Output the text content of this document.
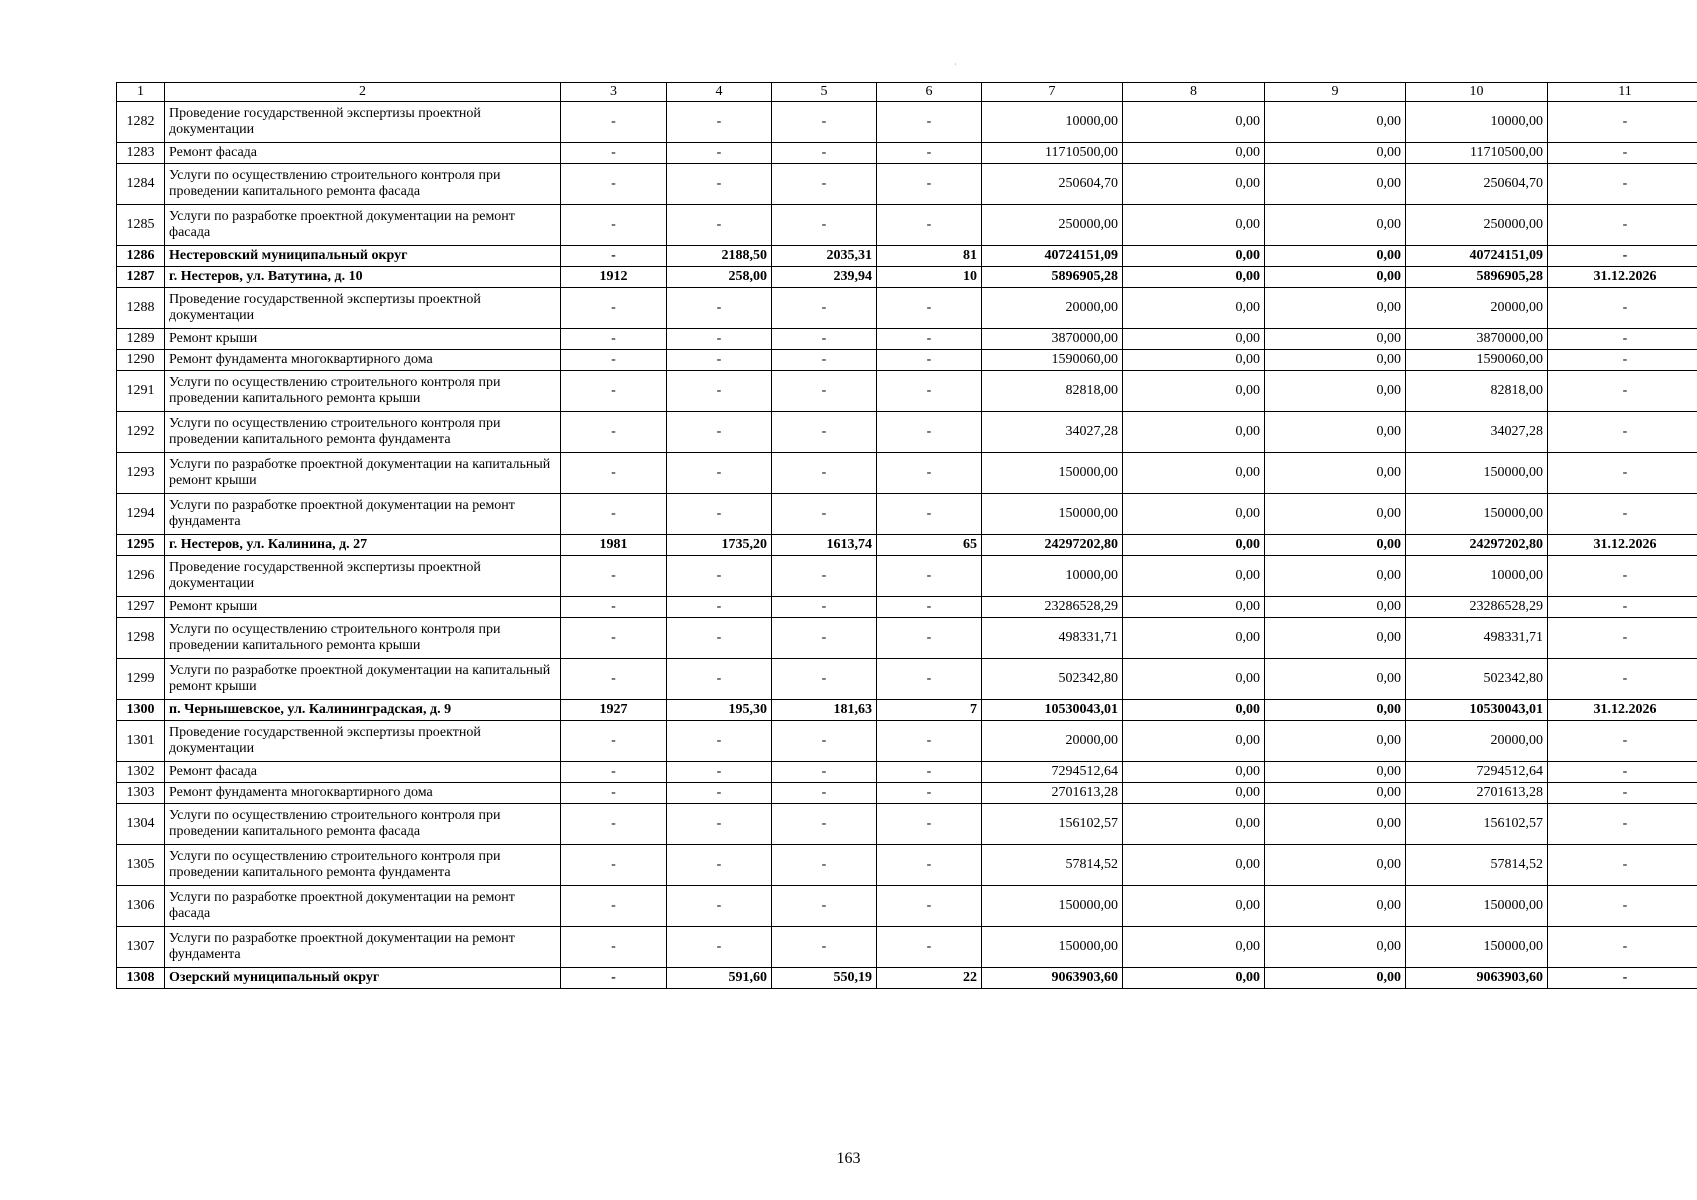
1	2	3	4	5	6	7	8	9	10	11
1282	Проведение государственной экспертизы проектной документации	-	-	-	-	10000,00	0,00	0,00	10000,00	-
1283	Ремонт фасада	-	-	-	-	11710500,00	0,00	0,00	11710500,00	-
1284	Услуги по осуществлению строительного контроля при проведении капитального ремонта фасада	-	-	-	-	250604,70	0,00	0,00	250604,70	-
1285	Услуги по разработке проектной документации на ремонт фасада	-	-	-	-	250000,00	0,00	0,00	250000,00	-
1286	Нестеровский муниципальный округ	-	2188,50	2035,31	81	40724151,09	0,00	0,00	40724151,09	-
1287	г. Нестеров, ул. Ватутина, д. 10	1912	258,00	239,94	10	5896905,28	0,00	0,00	5896905,28	31.12.2026
1288	Проведение государственной экспертизы проектной документации	-	-	-	-	20000,00	0,00	0,00	20000,00	-
1289	Ремонт крыши	-	-	-	-	3870000,00	0,00	0,00	3870000,00	-
1290	Ремонт фундамента многоквартирного дома	-	-	-	-	1590060,00	0,00	0,00	1590060,00	-
1291	Услуги по осуществлению строительного контроля при проведении капитального ремонта крыши	-	-	-	-	82818,00	0,00	0,00	82818,00	-
1292	Услуги по осуществлению строительного контроля при проведении капитального ремонта фундамента	-	-	-	-	34027,28	0,00	0,00	34027,28	-
1293	Услуги по разработке проектной документации на капитальный ремонт крыши	-	-	-	-	150000,00	0,00	0,00	150000,00	-
1294	Услуги по разработке проектной документации на ремонт фундамента	-	-	-	-	150000,00	0,00	0,00	150000,00	-
1295	г. Нестеров, ул. Калинина, д. 27	1981	1735,20	1613,74	65	24297202,80	0,00	0,00	24297202,80	31.12.2026
1296	Проведение государственной экспертизы проектной документации	-	-	-	-	10000,00	0,00	0,00	10000,00	-
1297	Ремонт крыши	-	-	-	-	23286528,29	0,00	0,00	23286528,29	-
1298	Услуги по осуществлению строительного контроля при проведении капитального ремонта крыши	-	-	-	-	498331,71	0,00	0,00	498331,71	-
1299	Услуги по разработке проектной документации на капитальный ремонт крыши	-	-	-	-	502342,80	0,00	0,00	502342,80	-
1300	п. Чернышевское, ул. Калининградская, д. 9	1927	195,30	181,63	7	10530043,01	0,00	0,00	10530043,01	31.12.2026
1301	Проведение государственной экспертизы проектной документации	-	-	-	-	20000,00	0,00	0,00	20000,00	-
1302	Ремонт фасада	-	-	-	-	7294512,64	0,00	0,00	7294512,64	-
1303	Ремонт фундамента многоквартирного дома	-	-	-	-	2701613,28	0,00	0,00	2701613,28	-
1304	Услуги по осуществлению строительного контроля при проведении капитального ремонта фасада	-	-	-	-	156102,57	0,00	0,00	156102,57	-
1305	Услуги по осуществлению строительного контроля при проведении капитального ремонта фундамента	-	-	-	-	57814,52	0,00	0,00	57814,52	-
1306	Услуги по разработке проектной документации на ремонт фасада	-	-	-	-	150000,00	0,00	0,00	150000,00	-
1307	Услуги по разработке проектной документации на ремонт фундамента	-	-	-	-	150000,00	0,00	0,00	150000,00	-
1308	Озерский муниципальный округ	-	591,60	550,19	22	9063903,60	0,00	0,00	9063903,60	-
·
163
